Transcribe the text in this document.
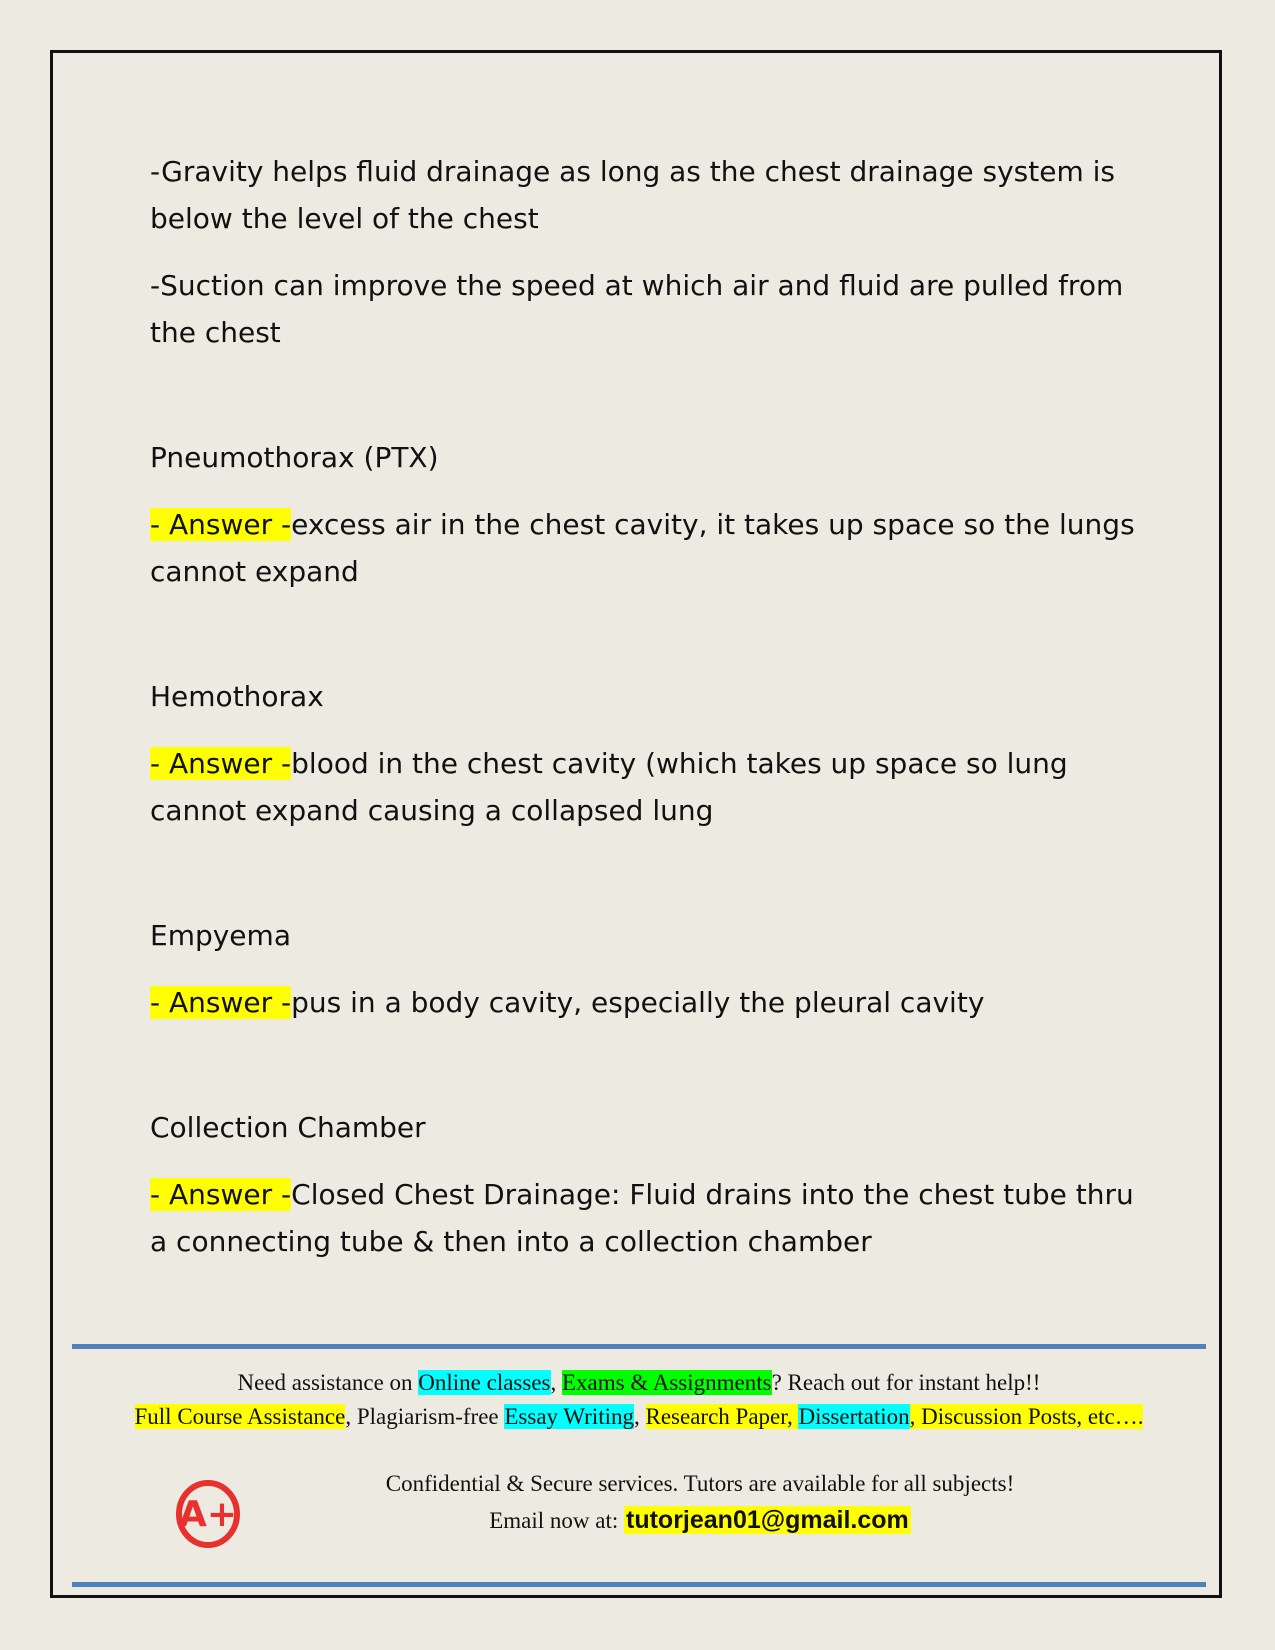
-Gravity helps fluid drainage as long as the chest drainage system is below the level of the chest

-Suction can improve the speed at which air and fluid are pulled from the chest

Pneumothorax (PTX)

- Answer -excess air in the chest cavity, it takes up space so the lungs cannot expand

Hemothorax

- Answer -blood in the chest cavity (which takes up space so lung cannot expand causing a collapsed lung

Empyema

- Answer -pus in a body cavity, especially the pleural cavity

Collection Chamber

- Answer -Closed Chest Drainage: Fluid drains into the chest tube thru a connecting tube & then into a collection chamber

Need assistance on Online classes, Exams & Assignments? Reach out for instant help!!
Full Course Assistance, Plagiarism-free Essay Writing, Research Paper, Dissertation, Discussion Posts, etc….
A+
Confidential & Secure services. Tutors are available for all subjects!
Email now at: tutorjean01@gmail.com
